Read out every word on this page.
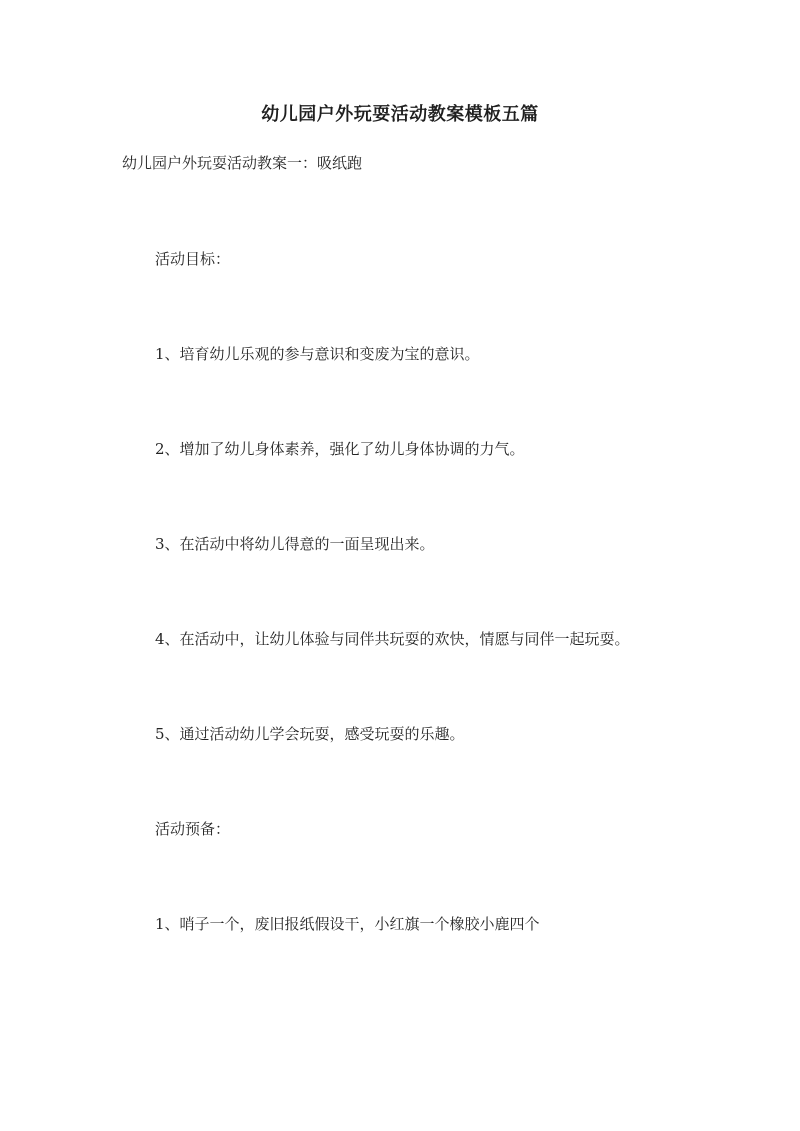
幼儿园户外玩耍活动教案模板五篇

幼儿园户外玩耍活动教案一：吸纸跑

活动目标：

1、培育幼儿乐观的参与意识和变废为宝的意识。

2、增加了幼儿身体素养，强化了幼儿身体协调的力气。

3、在活动中将幼儿得意的一面呈现出来。

4、在活动中，让幼儿体验与同伴共玩耍的欢快，情愿与同伴一起玩耍。

5、通过活动幼儿学会玩耍，感受玩耍的乐趣。

活动预备：

1、哨子一个，废旧报纸假设干，小红旗一个橡胶小鹿四个
